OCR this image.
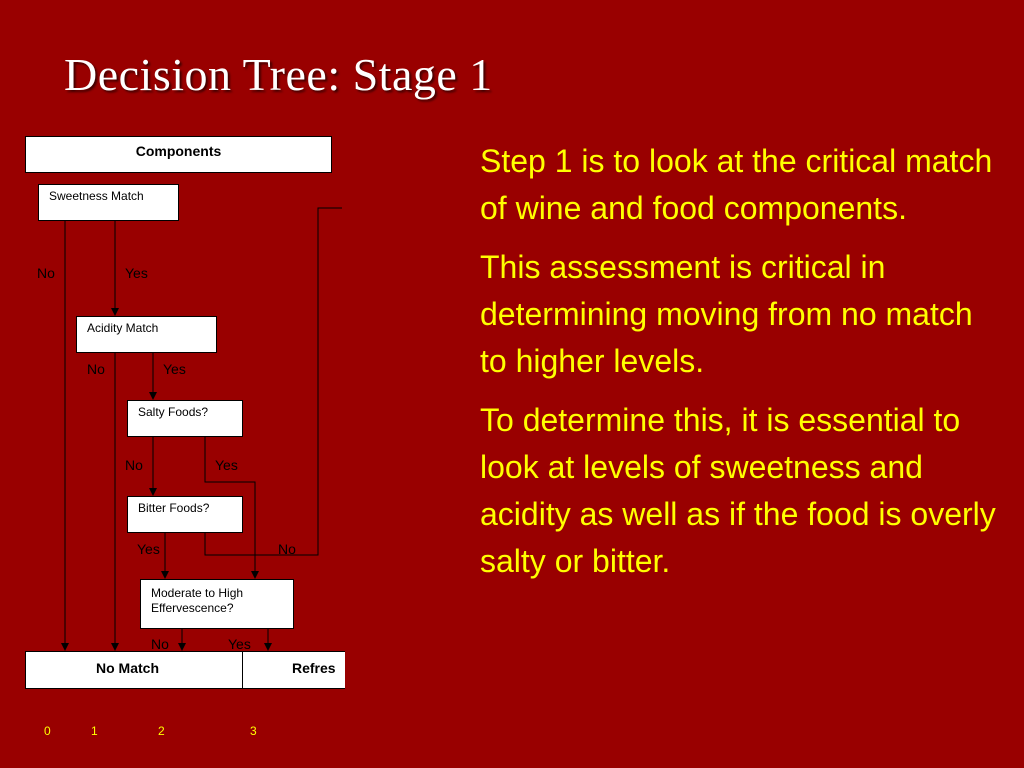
Decision Tree: Stage 1
Components
Sweetness Match
Acidity Match
Salty Foods?
Bitter Foods?
Moderate to High
Effervescence?
No Match	Refres
No	Yes
No	Yes
No	Yes
Yes	No
No	Yes
0	1	2	3

Step 1 is to look at the critical match of wine and food components.

This assessment is critical in determining moving from no match to higher levels.

To determine this, it is essential to look at levels of sweetness and acidity as well as if the food is overly salty or bitter.
